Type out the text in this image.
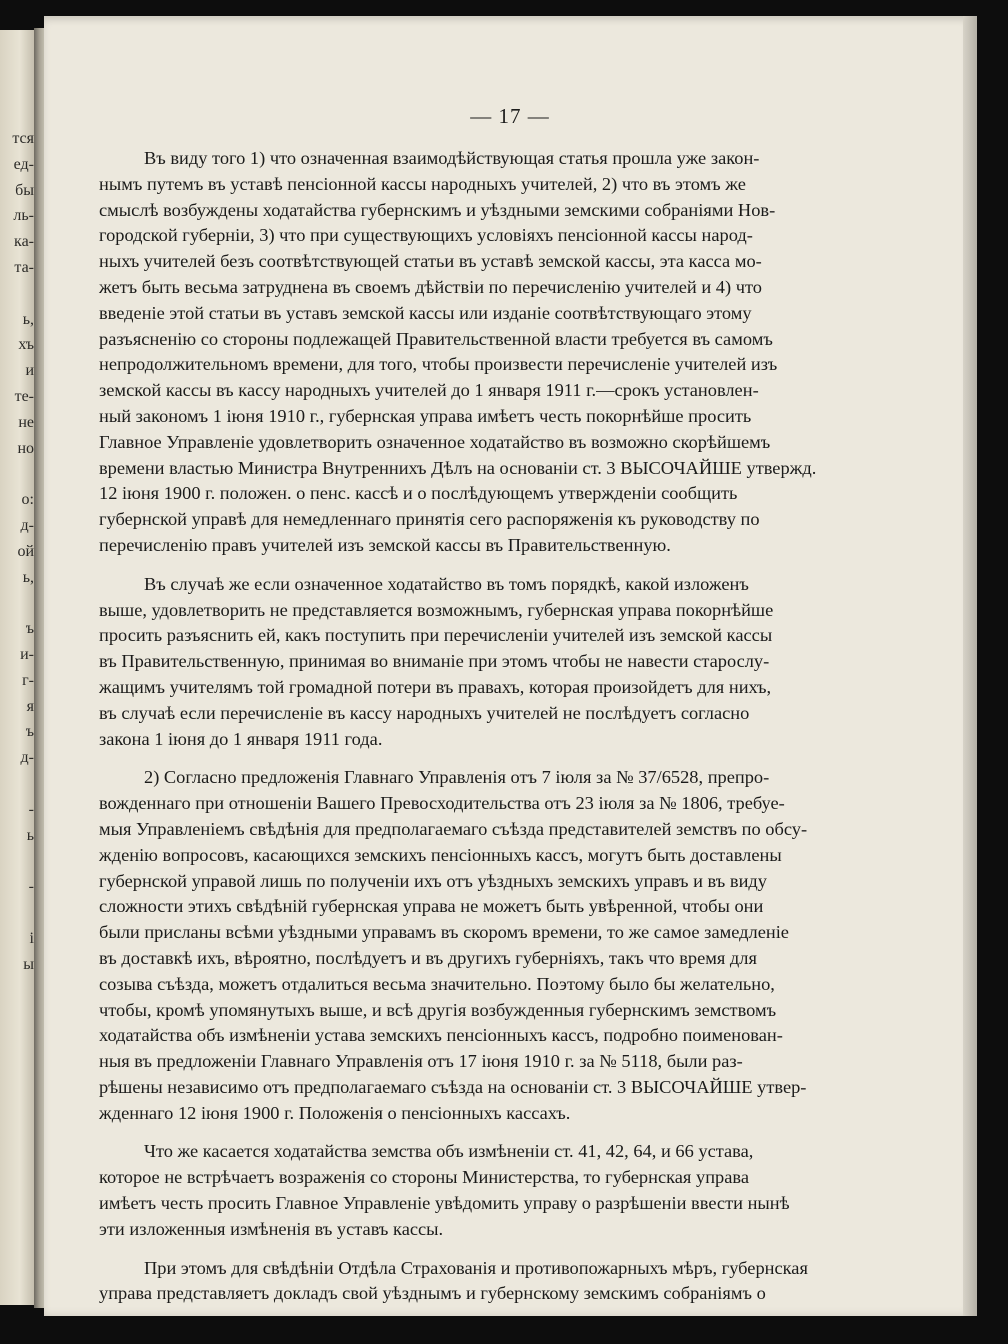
тся
ед-
бы
ль-
ка-
та-
ь,
хъ
и
те-
не
но
о:
д-
ой
ь,
ъ
и-
г-
я
ъ
д-
-
ь
-
i
ы
— 17 —
Въ виду того 1) что означенная взаимодѣйствующая статья прошла уже закон-
нымъ путемъ въ уставѣ пенсіонной кассы народныхъ учителей, 2) что въ этомъ же
смыслѣ возбуждены ходатайства губернскимъ и уѣздными земскими собраніями Нов-
городской губерніи, 3) что при существующихъ условіяхъ пенсіонной кассы народ-
ныхъ учителей безъ соотвѣтствующей статьи въ уставѣ земской кассы, эта касса мо-
жетъ быть весьма затруднена въ своемъ дѣйствіи по перечисленію учителей и 4) что
введеніе этой статьи въ уставъ земской кассы или изданіе соотвѣтствующаго этому
разъясненію со стороны подлежащей Правительственной власти требуется въ самомъ
непродолжительномъ времени, для того, чтобы произвести перечисленіе учителей изъ
земской кассы въ кассу народныхъ учителей до 1 января 1911 г.—срокъ установлен-
ный закономъ 1 іюня 1910 г., губернская управа имѣетъ честь покорнѣйше просить
Главное Управленіе удовлетворить означенное ходатайство въ возможно скорѣйшемъ
времени властью Министра Внутреннихъ Дѣлъ на основаніи ст. 3 ВЫСОЧАЙШЕ утвержд.
12 іюня 1900 г. положен. о пенс. кассѣ и о послѣдующемъ утвержденіи сообщить
губернской управѣ для немедленнаго принятія сего распоряженія къ руководству по
перечисленію правъ учителей изъ земской кассы въ Правительственную.
Въ случаѣ же если означенное ходатайство въ томъ порядкѣ, какой изложенъ
выше, удовлетворить не представляется возможнымъ, губернская управа покорнѣйше
просить разъяснить ей, какъ поступить при перечисленіи учителей изъ земской кассы
въ Правительственную, принимая во вниманіе при этомъ чтобы не навести старослу-
жащимъ учителямъ той громадной потери въ правахъ, которая произойдетъ для нихъ,
въ случаѣ если перечисленіе въ кассу народныхъ учителей не послѣдуетъ согласно
закона 1 іюня до 1 января 1911 года.
2) Согласно предложенія Главнаго Управленія отъ 7 іюля за № 37/6528, препро-
вожденнаго при отношеніи Вашего Превосходительства отъ 23 іюля за № 1806, требуе-
мыя Управленіемъ свѣдѣнія для предполагаемаго съѣзда представителей земствъ по обсу-
жденію вопросовъ, касающихся земскихъ пенсіонныхъ кассъ, могутъ быть доставлены
губернской управой лишь по полученіи ихъ отъ уѣздныхъ земскихъ управъ и въ виду
сложности этихъ свѣдѣній губернская управа не можетъ быть увѣренной, чтобы они
были присланы всѣми уѣздными управамъ въ скоромъ времени, то же самое замедленіе
въ доставкѣ ихъ, вѣроятно, послѣдуетъ и въ другихъ губерніяхъ, такъ что время для
созыва съѣзда, можетъ отдалиться весьма значительно. Поэтому было бы желательно,
чтобы, кромѣ упомянутыхъ выше, и всѣ другія возбужденныя губернскимъ земствомъ
ходатайства объ измѣненіи устава земскихъ пенсіонныхъ кассъ, подробно поименован-
ныя въ предложеніи Главнаго Управленія отъ 17 іюня 1910 г. за № 5118, были раз-
рѣшены независимо отъ предполагаемаго съѣзда на основаніи ст. 3 ВЫСОЧАЙШЕ утвер-
жденнаго 12 іюня 1900 г. Положенія о пенсіонныхъ кассахъ.
Что же касается ходатайства земства объ измѣненіи ст. 41, 42, 64, и 66 устава,
которое не встрѣчаетъ возраженія со стороны Министерства, то губернская управа
имѣетъ честь просить Главное Управленіе увѣдомить управу о разрѣшеніи ввести нынѣ
эти изложенныя измѣненія въ уставъ кассы.
При этомъ для свѣдѣніи Отдѣла Страхованія и противопожарныхъ мѣръ, губернская
управа представляетъ докладъ свой уѣзднымъ и губернскому земскимъ собраніямъ о
